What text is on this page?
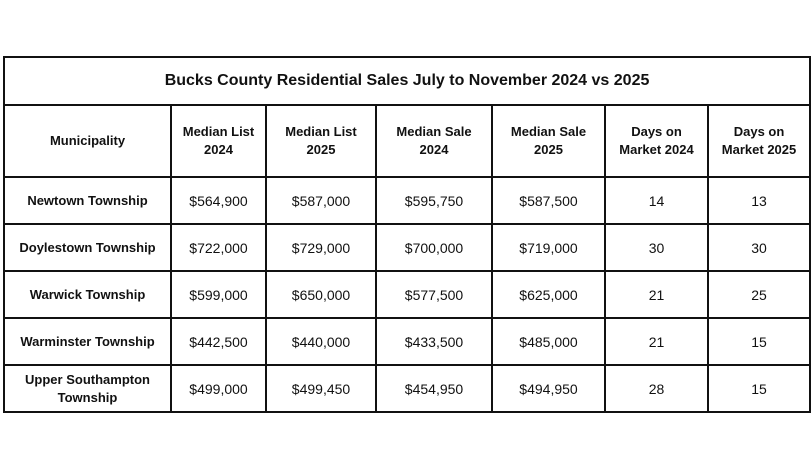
Bucks County Residential Sales July to November 2024 vs 2025						
Municipality	Median List 2024	Median List 2025	Median Sale 2024	Median Sale 2025	Days on Market 2024	Days on Market 2025
Newtown Township	$564,900	$587,000	$595,750	$587,500	14	13
Doylestown Township	$722,000	$729,000	$700,000	$719,000	30	30
Warwick Township	$599,000	$650,000	$577,500	$625,000	21	25
Warminster Township	$442,500	$440,000	$433,500	$485,000	21	15
Upper Southampton Township	$499,000	$499,450	$454,950	$494,950	28	15
